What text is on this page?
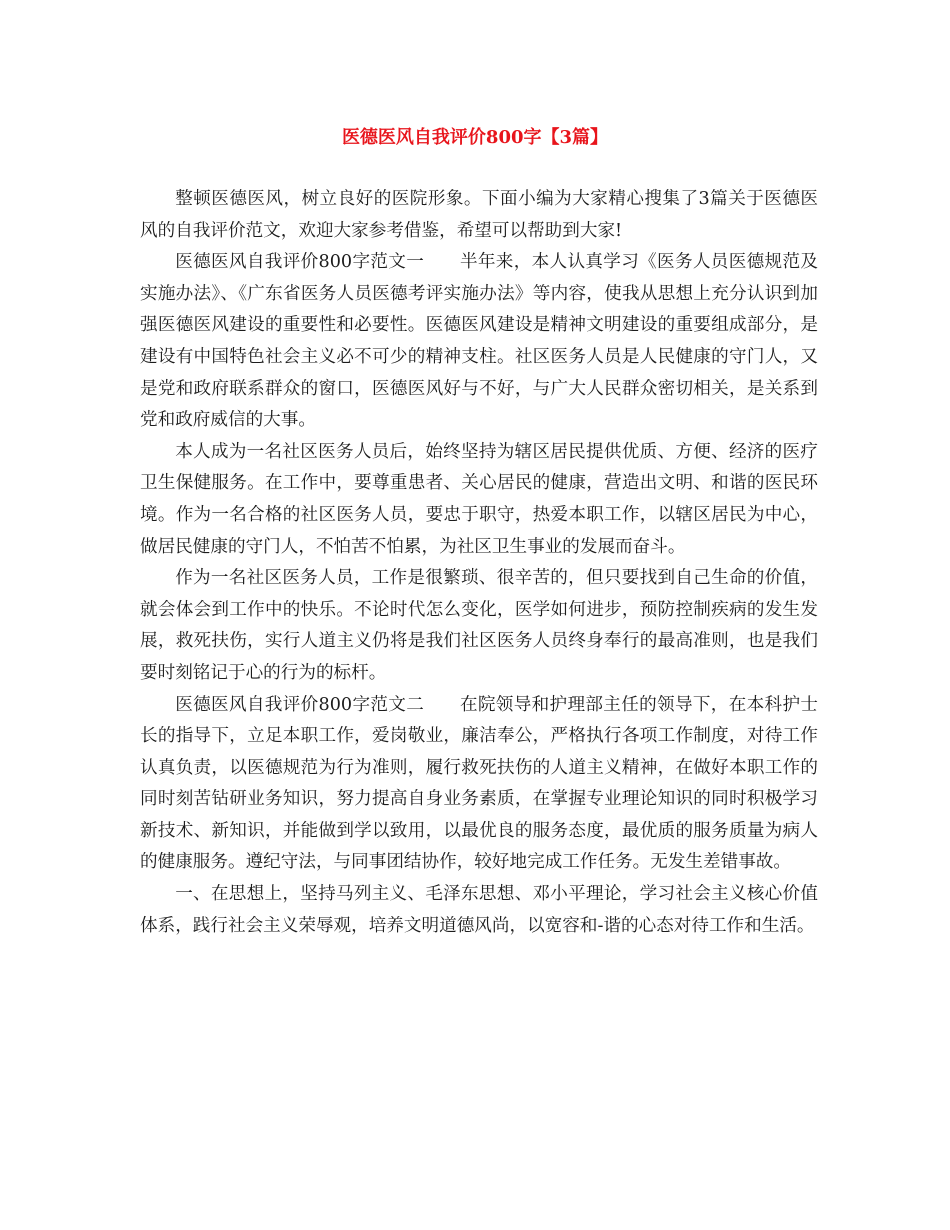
医德医风自我评价800字【3篇】

整顿医德医风，树立良好的医院形象。下面小编为大家精心搜集了3篇关于医德医风的自我评价范文，欢迎大家参考借鉴，希望可以帮助到大家!

医德医风自我评价800字范文一　　半年来，本人认真学习《医务人员医德规范及实施办法》、《广东省医务人员医德考评实施办法》等内容，使我从思想上充分认识到加强医德医风建设的重要性和必要性。医德医风建设是精神文明建设的重要组成部分，是建设有中国特色社会主义必不可少的精神支柱。社区医务人员是人民健康的守门人，又是党和政府联系群众的窗口，医德医风好与不好，与广大人民群众密切相关，是关系到党和政府威信的大事。

本人成为一名社区医务人员后，始终坚持为辖区居民提供优质、方便、经济的医疗卫生保健服务。在工作中，要尊重患者、关心居民的健康，营造出文明、和谐的医民环境。作为一名合格的社区医务人员，要忠于职守，热爱本职工作，以辖区居民为中心，做居民健康的守门人，不怕苦不怕累，为社区卫生事业的发展而奋斗。

作为一名社区医务人员，工作是很繁琐、很辛苦的，但只要找到自己生命的价值，就会体会到工作中的快乐。不论时代怎么变化，医学如何进步，预防控制疾病的发生发展，救死扶伤，实行人道主义仍将是我们社区医务人员终身奉行的最高准则，也是我们要时刻铭记于心的行为的标杆。

医德医风自我评价800字范文二　　在院领导和护理部主任的领导下，在本科护士长的指导下，立足本职工作，爱岗敬业，廉洁奉公，严格执行各项工作制度，对待工作认真负责，以医德规范为行为准则，履行救死扶伤的人道主义精神，在做好本职工作的同时刻苦钻研业务知识，努力提高自身业务素质，在掌握专业理论知识的同时积极学习新技术、新知识，并能做到学以致用，以最优良的服务态度，最优质的服务质量为病人的健康服务。遵纪守法，与同事团结协作，较好地完成工作任务。无发生差错事故。

一、在思想上，坚持马列主义、毛泽东思想、邓小平理论，学习社会主义核心价值体系，践行社会主义荣辱观，培养文明道德风尚，以宽容和-谐的心态对待工作和生活。
